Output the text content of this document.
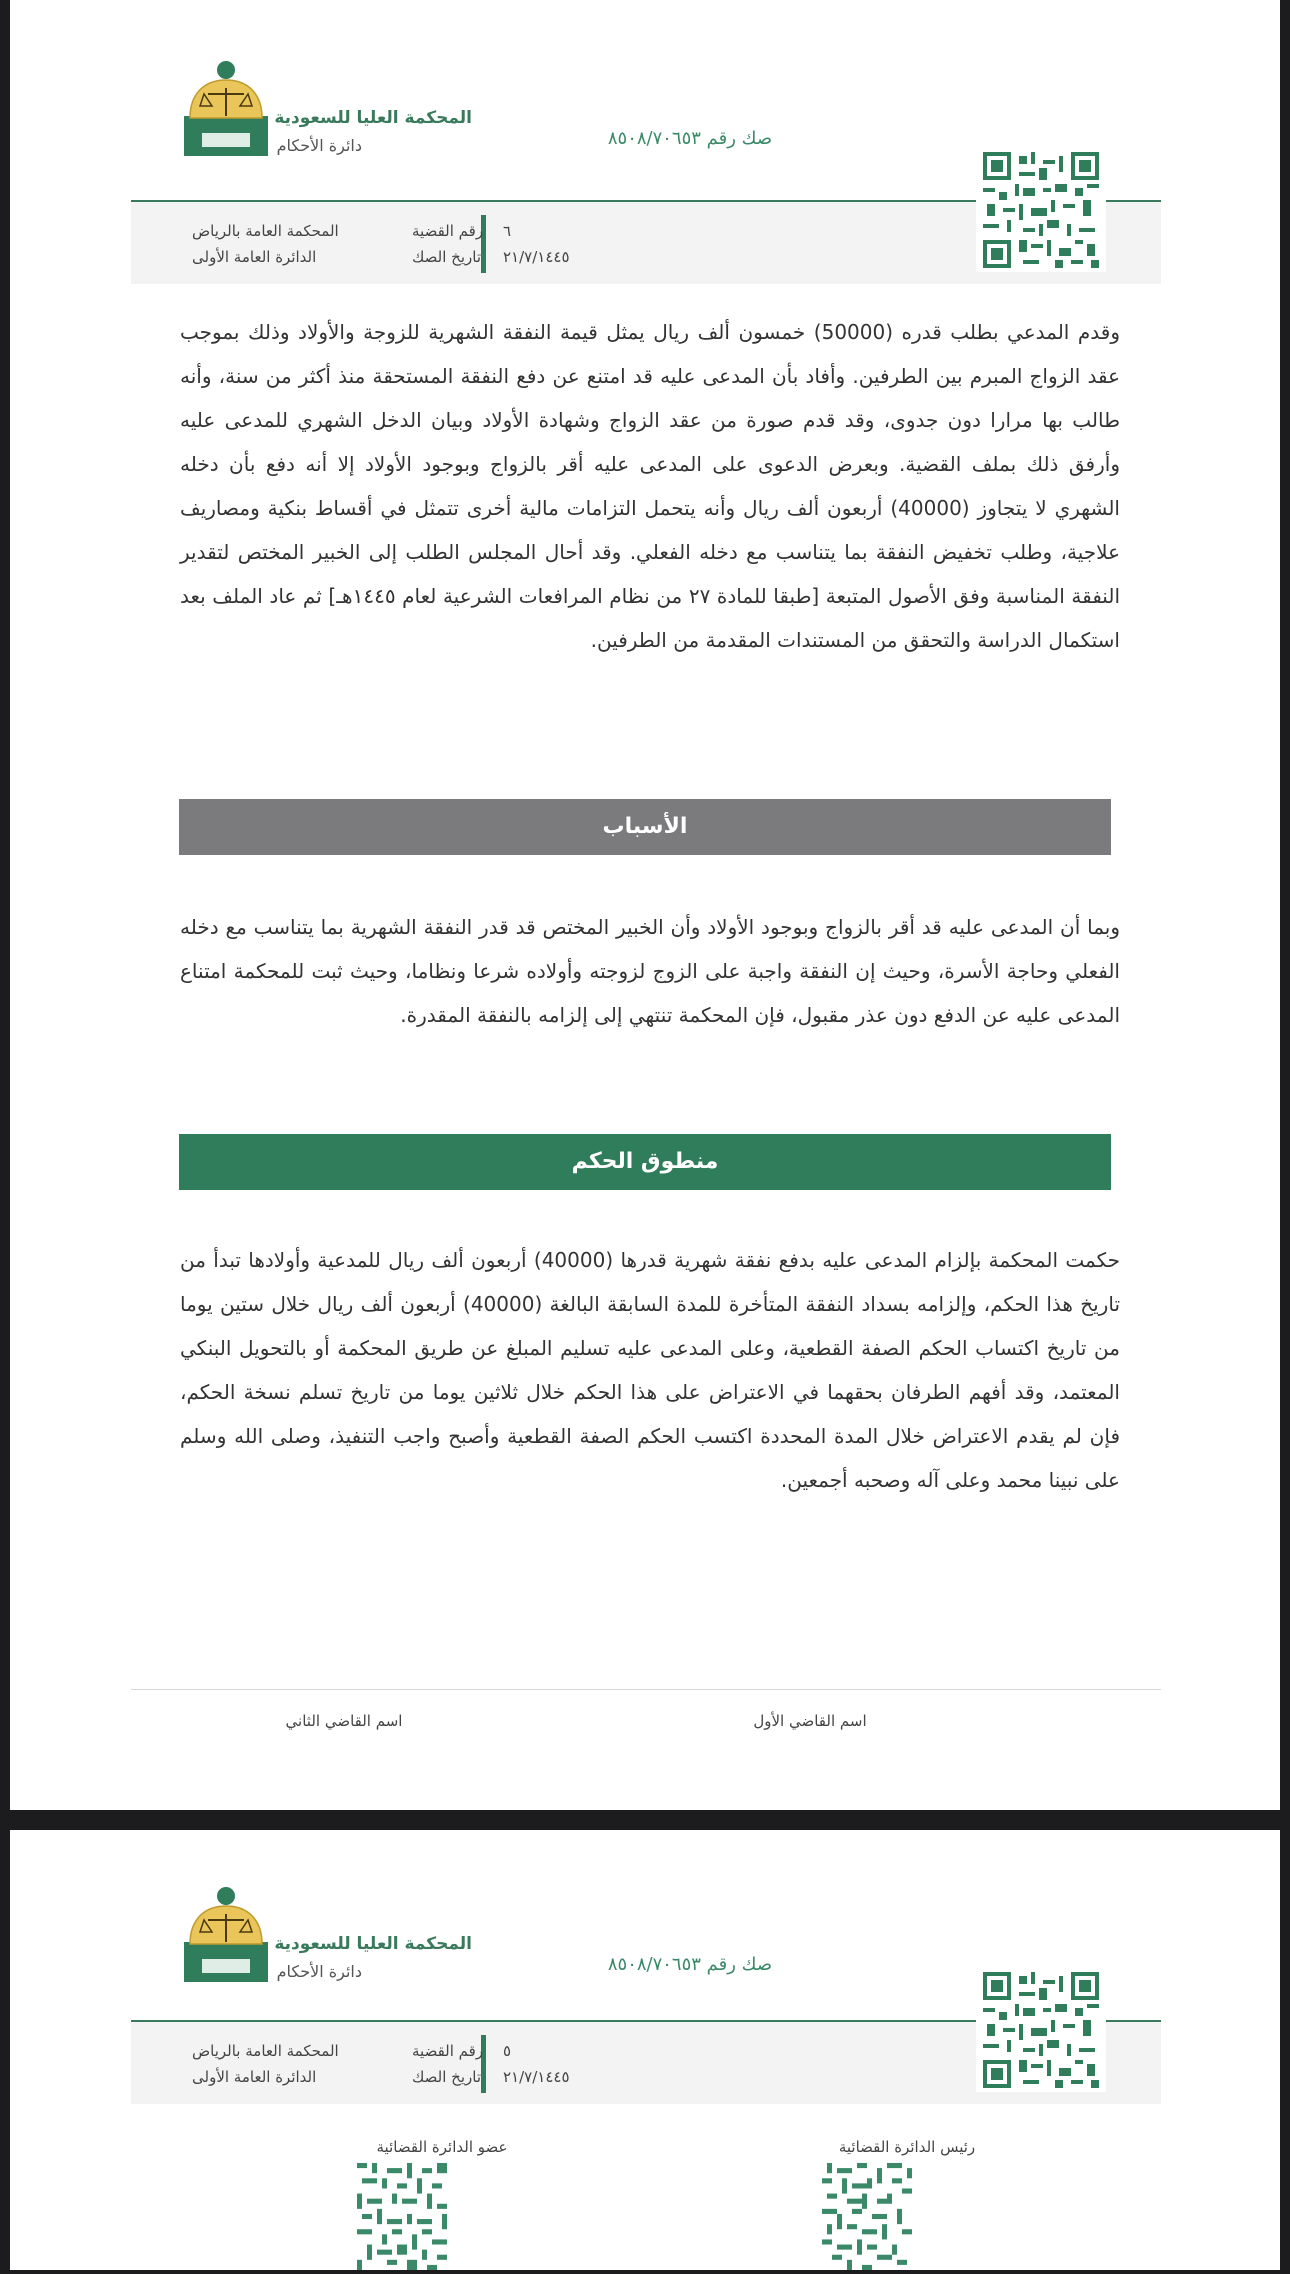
المحكمة العليا للسعودية
دائرة الأحكام	صك رقم ٨٥٠٨/٧٠٦٥٣
المحكمة العامة بالرياض
الدائرة العامة الأولى
رقم القضية ٦
تاريخ الصك ٢١/٧/١٤٤٥

وقدم المدعي بطلب قدره (50000) خمسون ألف ريال يمثل قيمة النفقة الشهرية للزوجة والأولاد وذلك بموجب عقد الزواج المبرم بين الطرفين. وأفاد بأن المدعى عليه قد امتنع عن دفع النفقة المستحقة منذ أكثر من سنة، وأنه طالب بها مرارا دون جدوى، وقد قدم صورة من عقد الزواج وشهادة الأولاد وبيان الدخل الشهري للمدعى عليه وأرفق ذلك بملف القضية. وبعرض الدعوى على المدعى عليه أقر بالزواج وبوجود الأولاد إلا أنه دفع بأن دخله الشهري لا يتجاوز (40000) أربعون ألف ريال وأنه يتحمل التزامات مالية أخرى تتمثل في أقساط بنكية ومصاريف علاجية، وطلب تخفيض النفقة بما يتناسب مع دخله الفعلي. وقد أحال المجلس الطلب إلى الخبير المختص لتقدير النفقة المناسبة وفق الأصول المتبعة [طبقا للمادة ٢٧ من نظام المرافعات الشرعية لعام ١٤٤٥هـ] ثم عاد الملف بعد استكمال الدراسة والتحقق من المستندات المقدمة من الطرفين.

الأسباب

وبما أن المدعى عليه قد أقر بالزواج وبوجود الأولاد وأن الخبير المختص قد قدر النفقة الشهرية بما يتناسب مع دخله الفعلي وحاجة الأسرة، وحيث إن النفقة واجبة على الزوج لزوجته وأولاده شرعا ونظاما، وحيث ثبت للمحكمة امتناع المدعى عليه عن الدفع دون عذر مقبول، فإن المحكمة تنتهي إلى إلزامه بالنفقة المقدرة.

منطوق الحكم

حكمت المحكمة بإلزام المدعى عليه بدفع نفقة شهرية قدرها (40000) أربعون ألف ريال للمدعية وأولادها تبدأ من تاريخ هذا الحكم، وإلزامه بسداد النفقة المتأخرة للمدة السابقة البالغة (40000) أربعون ألف ريال خلال ستين يوما من تاريخ اكتساب الحكم الصفة القطعية، وعلى المدعى عليه تسليم المبلغ عن طريق المحكمة أو بالتحويل البنكي المعتمد، وقد أفهم الطرفان بحقهما في الاعتراض على هذا الحكم خلال ثلاثين يوما من تاريخ تسلم نسخة الحكم، فإن لم يقدم الاعتراض خلال المدة المحددة اكتسب الحكم الصفة القطعية وأصبح واجب التنفيذ، وصلى الله وسلم على نبينا محمد وعلى آله وصحبه أجمعين.

اسم القاضي الثاني	اسم القاضي الأول
المحكمة العليا للسعودية
دائرة الأحكام	صك رقم ٨٥٠٨/٧٠٦٥٣
المحكمة العامة بالرياض
الدائرة العامة الأولى
رقم القضية ٥
تاريخ الصك ٢١/٧/١٤٤٥
عضو الدائرة القضائية	رئيس الدائرة القضائية
